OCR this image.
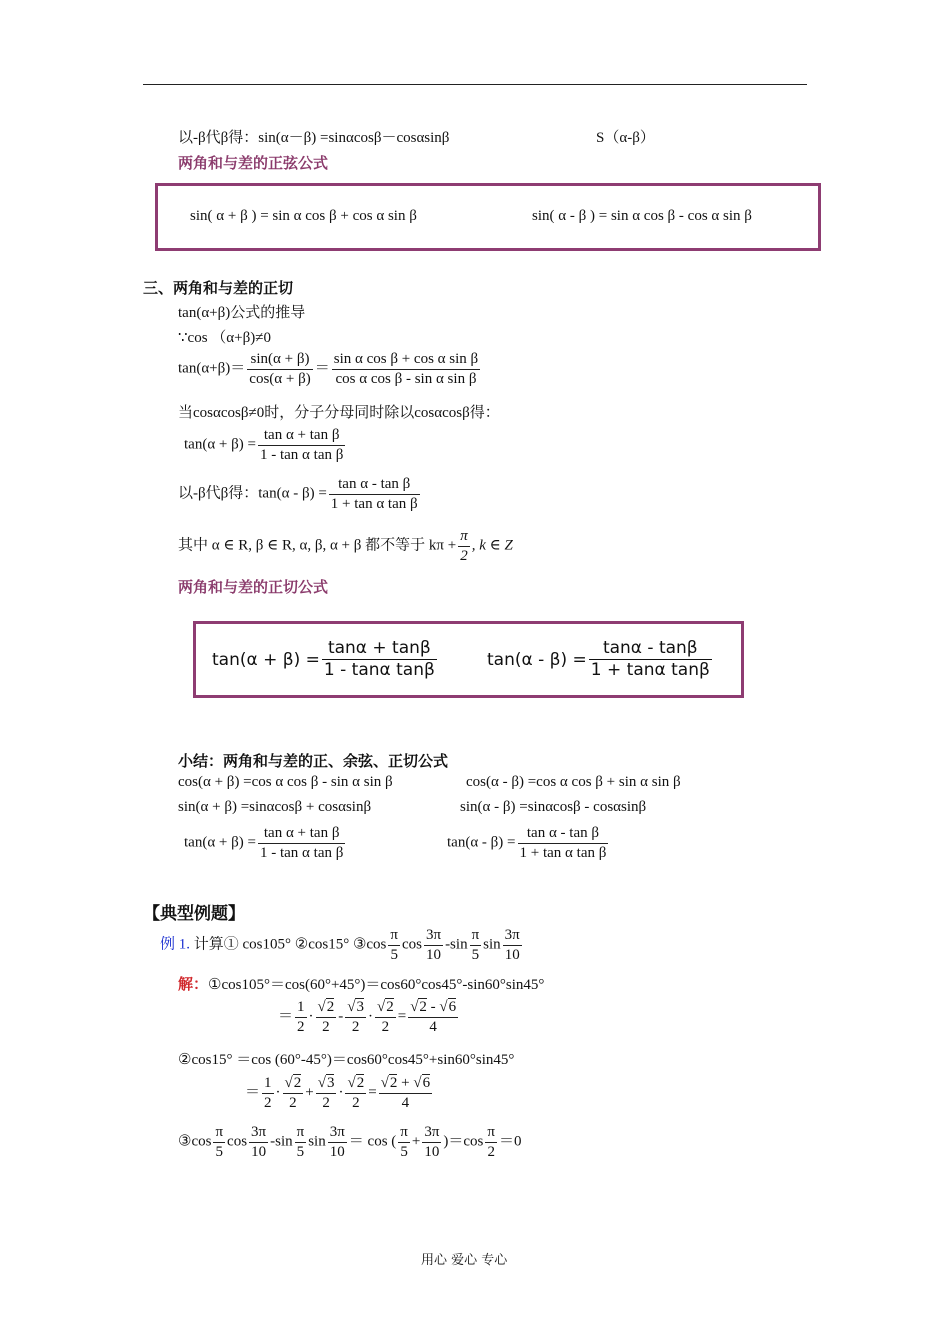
以-β代β得：sin(α－β) =sinαcosβ－cosαsinβ	S（α-β）
两角和与差的正弦公式
sin( α + β ) = sin α cos β + cos α sin β	sin( α - β ) = sin α cos β - cos α sin β
三、两角和与差的正切
tan(α+β)公式的推导
∵cos （α+β)≠0
$\tan(\alpha+\beta)= \frac{\sin(\alpha + \beta)}{\cos(\alpha + \beta)} = \frac{\text{sin α cos β + cos α sin β}}{\text{cos α cos β - sin α sin β}}$
当cosαcosβ≠0时，分子分母同时除以cosαcosβ得：
$\tan(\alpha + \beta) = \frac{\text{tan α + tan β}}{\text{1 - tan α tan β}}$
以-β代β得：$\tan(\alpha - \beta) = \frac{\text{tan α - tan β}}{\text{1 + tan α tan β}}$
其中 α ∈ R, β ∈ R, α, β, α + β 都不等于 $k\pi + \frac{\pi}{2}$ , k ∈ Z
两角和与差的正切公式
$\tan(\alpha + \beta) = \frac{\tan\alpha + \tan\beta}{\text{1 - tanα tanβ}}$	$\tan(\alpha - \beta) = \frac{\tan\alpha - \tan\beta}{\text{1 + tanα tanβ}}$
小结：两角和与差的正、余弦、正切公式
cos(α + β) =cos α cos β - sin α sin β	cos(α - β) =cos α cos β + sin α sin β
sin(α + β) =sinαcosβ + cosαsinβ	sin(α - β) =sinαcosβ - cosαsinβ
$\tan(\alpha + \beta) = \frac{\text{tan α + tan β}}{\text{1 - tan α tan β}}$	$\tan(\alpha - \beta) = \frac{\text{tan α - tan β}}{\text{1 + tan α tan β}}$
【典型例题】
例 1. 计算① cos105° ②cos15° ③cos $\frac{\pi}{5}$ $\cos \frac{3\pi}{10} -\sin \frac{\pi}{5}$ $\sin \frac{3\pi}{10}$
解：①cos105°＝cos(60°+45°)＝cos60°cos45°-sin60°sin45°
＝ $\frac{1}{2} \cdot \frac{√2}{2} - \frac{√3}{2} \cdot \frac{√2}{2} = \frac{√2 - √6}{4}$
②cos15° ＝cos (60°-45°)＝cos60°cos45°+sin60°sin45°
＝ $\frac{1}{2} \cdot \frac{√2}{2} + \frac{√3}{2} \cdot \frac{√2}{2} = \frac{√2 + √6}{4}$
③cos $\frac{\pi}{5}$ $\cos \frac{3\pi}{10} -\sin \frac{\pi}{5}$ $\sin \frac{3\pi}{10} = \cos$ ( $\frac{\pi}{5} + \frac{3\pi}{10} )=\cos \frac{\pi}{2} =0$
用心 爱心 专心
